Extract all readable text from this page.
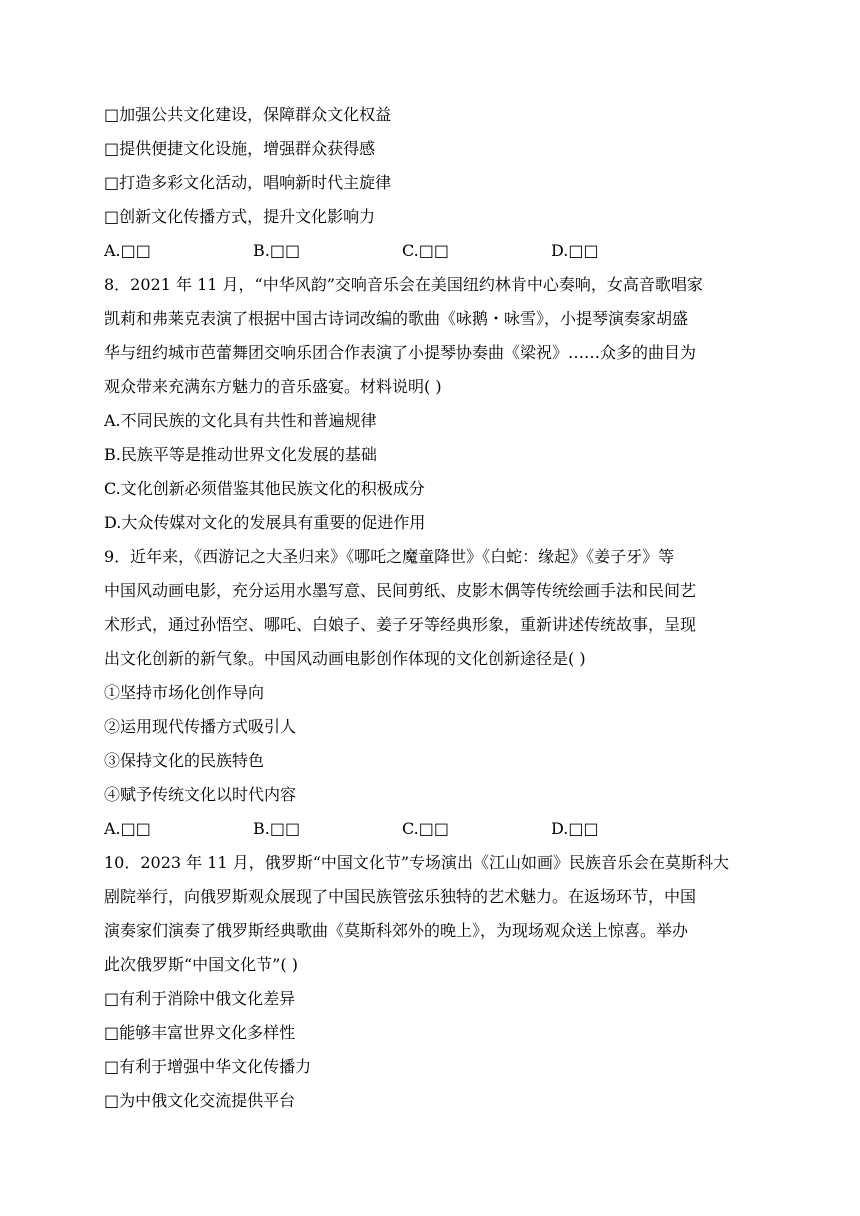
□加强公共文化建设，保障群众文化权益
□提供便捷文化设施，增强群众获得感
□打造多彩文化活动，唱响新时代主旋律
□创新文化传播方式，提升文化影响力
A.□□	B.□□	C.□□	D.□□
8．2021 年 11 月，“中华风韵”交响音乐会在美国纽约林肯中心奏响，女高音歌唱家
凯莉和弗莱克表演了根据中国古诗词改编的歌曲《咏鹅・咏雪》，小提琴演奏家胡盛
华与纽约城市芭蕾舞团交响乐团合作表演了小提琴协奏曲《梁祝》……众多的曲目为
观众带来充满东方魅力的音乐盛宴。材料说明( )
A.不同民族的文化具有共性和普遍规律
B.民族平等是推动世界文化发展的基础
C.文化创新必须借鉴其他民族文化的积极成分
D.大众传媒对文化的发展具有重要的促进作用
9．近年来，《西游记之大圣归来》《哪吒之魔童降世》《白蛇：缘起》《姜子牙》等
中国风动画电影，充分运用水墨写意、民间剪纸、皮影木偶等传统绘画手法和民间艺
术形式，通过孙悟空、哪吒、白娘子、姜子牙等经典形象，重新讲述传统故事，呈现
出文化创新的新气象。中国风动画电影创作体现的文化创新途径是( )
①坚持市场化创作导向
②运用现代传播方式吸引人
③保持文化的民族特色
④赋予传统文化以时代内容
A.□□	B.□□	C.□□	D.□□
10．2023 年 11 月，俄罗斯“中国文化节”专场演出《江山如画》民族音乐会在莫斯科大
剧院举行，向俄罗斯观众展现了中国民族管弦乐独特的艺术魅力。在返场环节，中国
演奏家们演奏了俄罗斯经典歌曲《莫斯科郊外的晚上》，为现场观众送上惊喜。举办
此次俄罗斯“中国文化节”( )
□有利于消除中俄文化差异
□能够丰富世界文化多样性
□有利于增强中华文化传播力
□为中俄文化交流提供平台
